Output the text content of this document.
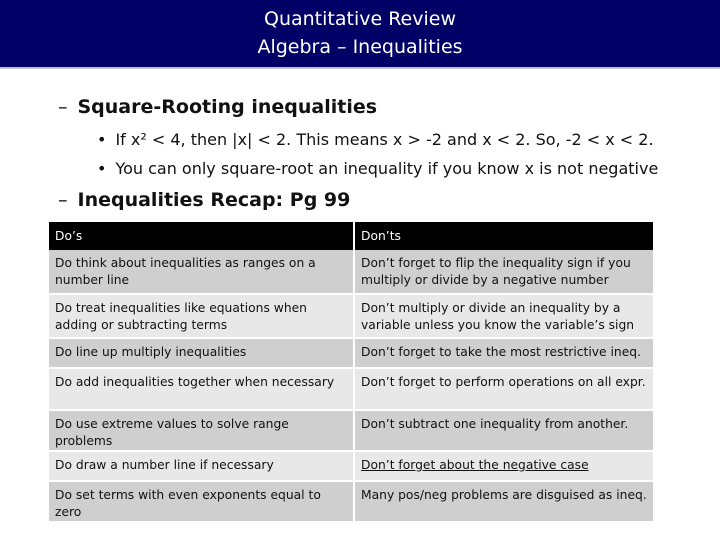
Quantitative Review
Algebra – Inequalities
– Square-Rooting inequalities
• If x² < 4, then |x| < 2. This means x > -2 and x < 2. So, -2 < x < 2.
• You can only square-root an inequality if you know x is not negative
– Inequalities Recap: Pg 99
Do’s	Don’ts
Do think about inequalities as ranges on a number line	Don’t forget to flip the inequality sign if you multiply or divide by a negative number
Do treat inequalities like equations when adding or subtracting terms	Don’t multiply or divide an inequality by a variable unless you know the variable’s sign
Do line up multiply inequalities	Don’t forget to take the most restrictive ineq.
Do add inequalities together when necessary	Don’t forget to perform operations on all expr.
Do use extreme values to solve range problems	Don’t subtract one inequality from another.
Do draw a number line if necessary	Don’t forget about the negative case
Do set terms with even exponents equal to zero	Many pos/neg problems are disguised as ineq.
